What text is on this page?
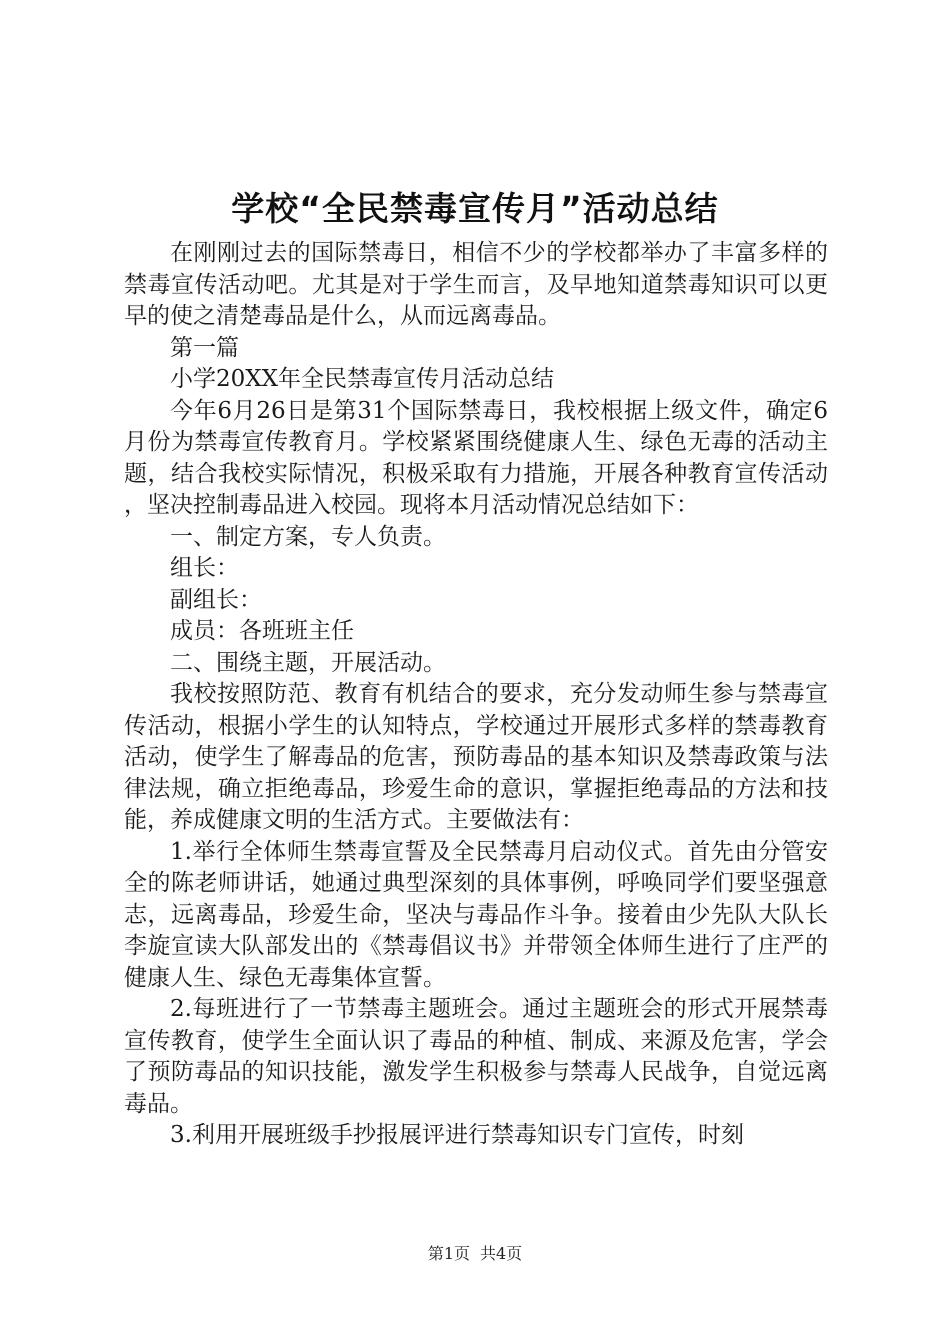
学校“全民禁毒宣传月”活动总结

在刚刚过去的国际禁毒日，相信不少的学校都举办了丰富多样的禁毒宣传活动吧。尤其是对于学生而言，及早地知道禁毒知识可以更早的使之清楚毒品是什么，从而远离毒品。

第一篇

小学20XX年全民禁毒宣传月活动总结

今年6月26日是第31个国际禁毒日，我校根据上级文件，确定6月份为禁毒宣传教育月。学校紧紧围绕健康人生、绿色无毒的活动主题，结合我校实际情况，积极采取有力措施，开展各种教育宣传活动，坚决控制毒品进入校园。现将本月活动情况总结如下：

一、制定方案，专人负责。

组长：

副组长：

成员：各班班主任

二、围绕主题，开展活动。

我校按照防范、教育有机结合的要求，充分发动师生参与禁毒宣传活动，根据小学生的认知特点，学校通过开展形式多样的禁毒教育活动，使学生了解毒品的危害，预防毒品的基本知识及禁毒政策与法律法规，确立拒绝毒品，珍爱生命的意识，掌握拒绝毒品的方法和技能，养成健康文明的生活方式。主要做法有：

1.举行全体师生禁毒宣誓及全民禁毒月启动仪式。首先由分管安全的陈老师讲话，她通过典型深刻的具体事例，呼唤同学们要坚强意志，远离毒品，珍爱生命，坚决与毒品作斗争。接着由少先队大队长李旋宣读大队部发出的《禁毒倡议书》并带领全体师生进行了庄严的健康人生、绿色无毒集体宣誓。

2.每班进行了一节禁毒主题班会。通过主题班会的形式开展禁毒宣传教育，使学生全面认识了毒品的种植、制成、来源及危害，学会了预防毒品的知识技能，激发学生积极参与禁毒人民战争，自觉远离毒品。

3.利用开展班级手抄报展评进行禁毒知识专门宣传，时刻

第1页 共4页
